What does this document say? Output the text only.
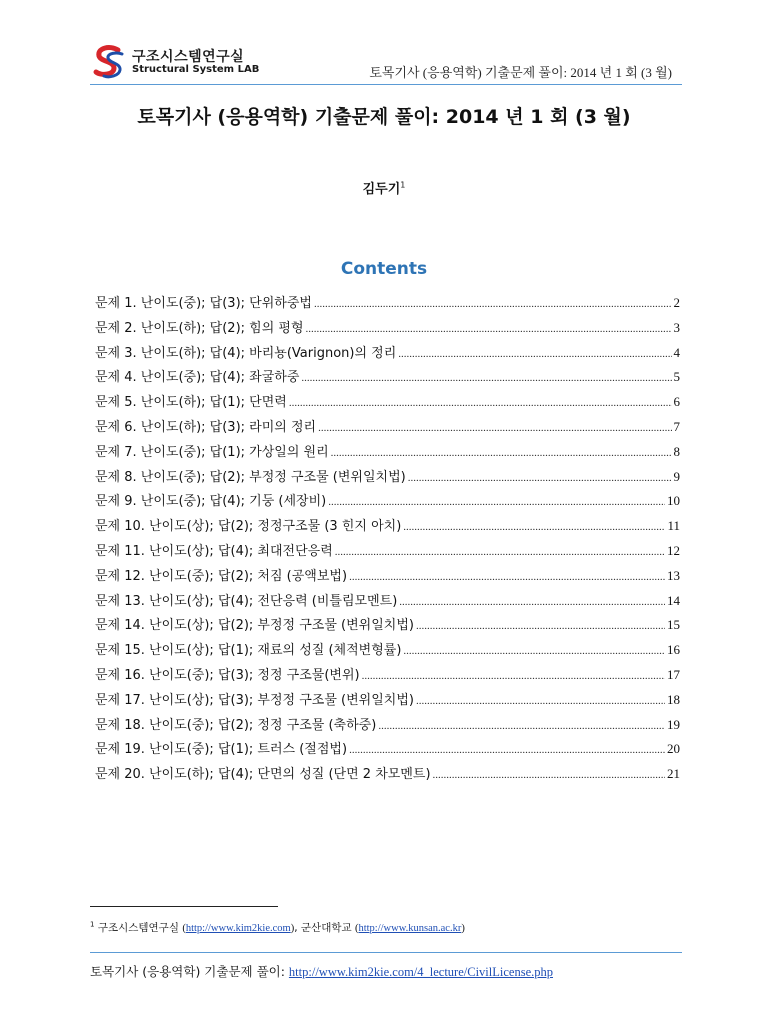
구조시스템연구실
Structural System LAB	토목기사 (응용역학) 기출문제 풀이: 2014 년 1 회 (3 월)
토목기사 (응용역학) 기출문제 풀이: 2014 년 1 회 (3 월)
김두기$^1$
Contents
문제 1. 난이도(중); 답(3); 단위하중법 .....	2
문제 2. 난이도(하); 답(2); 힘의 평형 .....	3
문제 3. 난이도(하); 답(4); 바리뇽(Varignon)의 정리 .....	4
문제 4. 난이도(중); 답(4); 좌굴하중 .....	5
문제 5. 난이도(하); 답(1); 단면력 .....	6
문제 6. 난이도(하); 답(3); 라미의 정리 .....	7
문제 7. 난이도(중); 답(1); 가상일의 원리 .....	8
문제 8. 난이도(중); 답(2); 부정정 구조물 (변위일치법) .....	9
문제 9. 난이도(중); 답(4); 기둥 (세장비) .....	10
문제 10. 난이도(상); 답(2); 정정구조물 (3 힌지 아치) .....	11
문제 11. 난이도(상); 답(4); 최대전단응력 .....	12
문제 12. 난이도(중); 답(2); 처짐 (공액보법) .....	13
문제 13. 난이도(상); 답(4); 전단응력 (비틀림모멘트) .....	14
문제 14. 난이도(상); 답(2); 부정정 구조물 (변위일치법) .....	15
문제 15. 난이도(상); 답(1); 재료의 성질 (체적변형률) .....	16
문제 16. 난이도(중); 답(3); 정정 구조물(변위) .....	17
문제 17. 난이도(상); 답(3); 부정정 구조물 (변위일치법) .....	18
문제 18. 난이도(중); 답(2); 정정 구조물 (축하중) .....	19
문제 19. 난이도(중); 답(1); 트러스 (절점법) .....	20
문제 20. 난이도(하); 답(4); 단면의 성질 (단면 2 차모멘트) .....	21
$^1$ 구조시스템연구실 (http://www.kim2kie.com), 군산대학교 (http://www.kunsan.ac.kr)
토목기사 (응용역학) 기출문제 풀이: http://www.kim2kie.com/4_lecture/CivilLicense.php
